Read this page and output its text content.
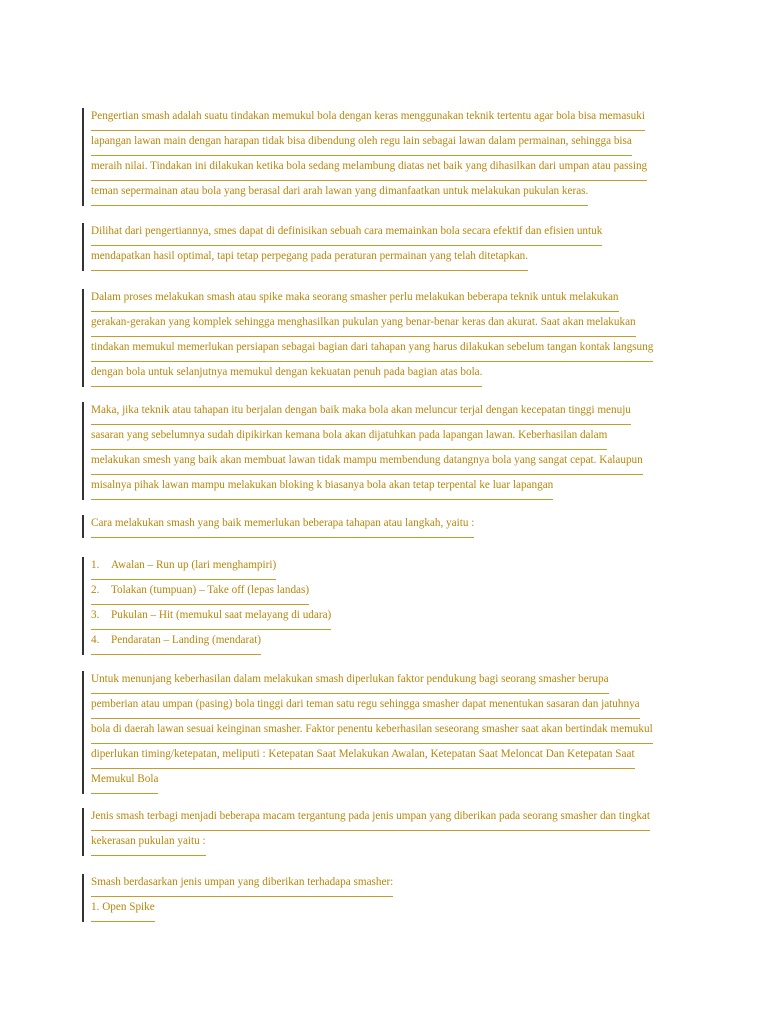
Pengertian smash adalah suatu tindakan memukul bola dengan keras menggunakan teknik tertentu agar bola bisa memasuki
lapangan lawan main dengan harapan tidak bisa dibendung oleh regu lain sebagai lawan dalam permainan, sehingga bisa
meraih nilai. Tindakan ini dilakukan ketika bola sedang melambung diatas net baik yang dihasilkan dari umpan atau passing
teman sepermainan atau bola yang berasal dari arah lawan yang dimanfaatkan untuk melakukan pukulan keras.
Dilihat dari pengertiannya, smes dapat di definisikan sebuah cara memainkan bola secara efektif dan efisien untuk
mendapatkan hasil optimal, tapi tetap perpegang pada peraturan permainan yang telah ditetapkan.
Dalam proses melakukan smash atau spike maka seorang smasher perlu melakukan beberapa teknik untuk melakukan
gerakan-gerakan yang komplek sehingga menghasilkan pukulan yang benar-benar keras dan akurat. Saat akan melakukan
tindakan memukul memerlukan persiapan sebagai bagian dari tahapan yang harus dilakukan sebelum tangan kontak langsung
dengan bola untuk selanjutnya memukul dengan kekuatan penuh pada bagian atas bola.
Maka, jika teknik atau tahapan itu berjalan dengan baik maka bola akan meluncur terjal dengan kecepatan tinggi menuju
sasaran yang sebelumnya sudah dipikirkan kemana bola akan dijatuhkan pada lapangan lawan. Keberhasilan dalam
melakukan smesh yang baik akan membuat lawan tidak mampu membendung datangnya bola yang sangat cepat. Kalaupun
misalnya pihak lawan mampu melakukan bloking k biasanya bola akan tetap terpental ke luar lapangan
Cara melakukan smash yang baik memerlukan beberapa tahapan atau langkah, yaitu :
1. Awalan – Run up (lari menghampiri)
2. Tolakan (tumpuan) – Take off (lepas landas)
3. Pukulan – Hit (memukul saat melayang di udara)
4. Pendaratan – Landing (mendarat)
Untuk menunjang keberhasilan dalam melakukan smash diperlukan faktor pendukung bagi seorang smasher berupa
pemberian atau umpan (pasing) bola tinggi dari teman satu regu sehingga smasher dapat menentukan sasaran dan jatuhnya
bola di daerah lawan sesuai keinginan smasher. Faktor penentu keberhasilan seseorang smasher saat akan bertindak memukul
diperlukan timing/ketepatan, meliputi : Ketepatan Saat Melakukan Awalan, Ketepatan Saat Meloncat Dan Ketepatan Saat
Memukul Bola
Jenis smash terbagi menjadi beberapa macam tergantung pada jenis umpan yang diberikan pada seorang smasher dan tingkat
kekerasan pukulan yaitu :
Smash berdasarkan jenis umpan yang diberikan terhadapa smasher:
1. Open Spike
